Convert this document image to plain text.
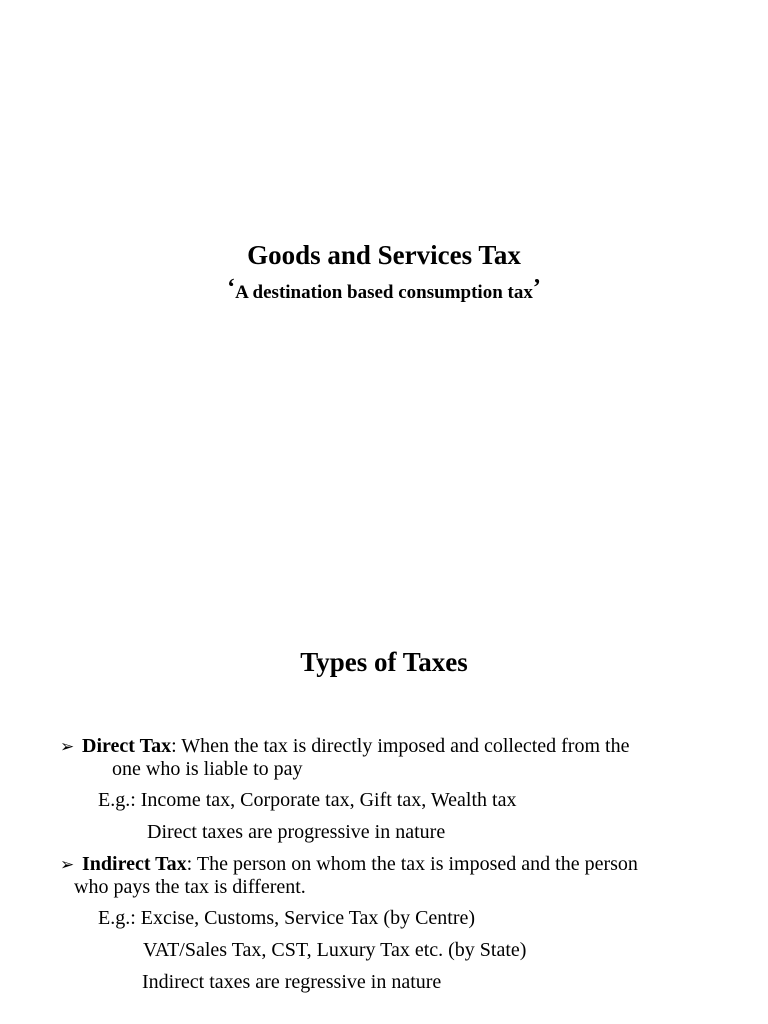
Goods and Services Tax
‘A destination based consumption tax’
Types of Taxes
➢ Direct Tax: When the tax is directly imposed and collected from the
one who is liable to pay
E.g.: Income tax, Corporate tax, Gift tax, Wealth tax
Direct taxes are progressive in nature
➢ Indirect Tax: The person on whom the tax is imposed and the person
who pays the tax is different.
E.g.: Excise, Customs, Service Tax (by Centre)
VAT/Sales Tax, CST, Luxury Tax etc. (by State)
Indirect taxes are regressive in nature
